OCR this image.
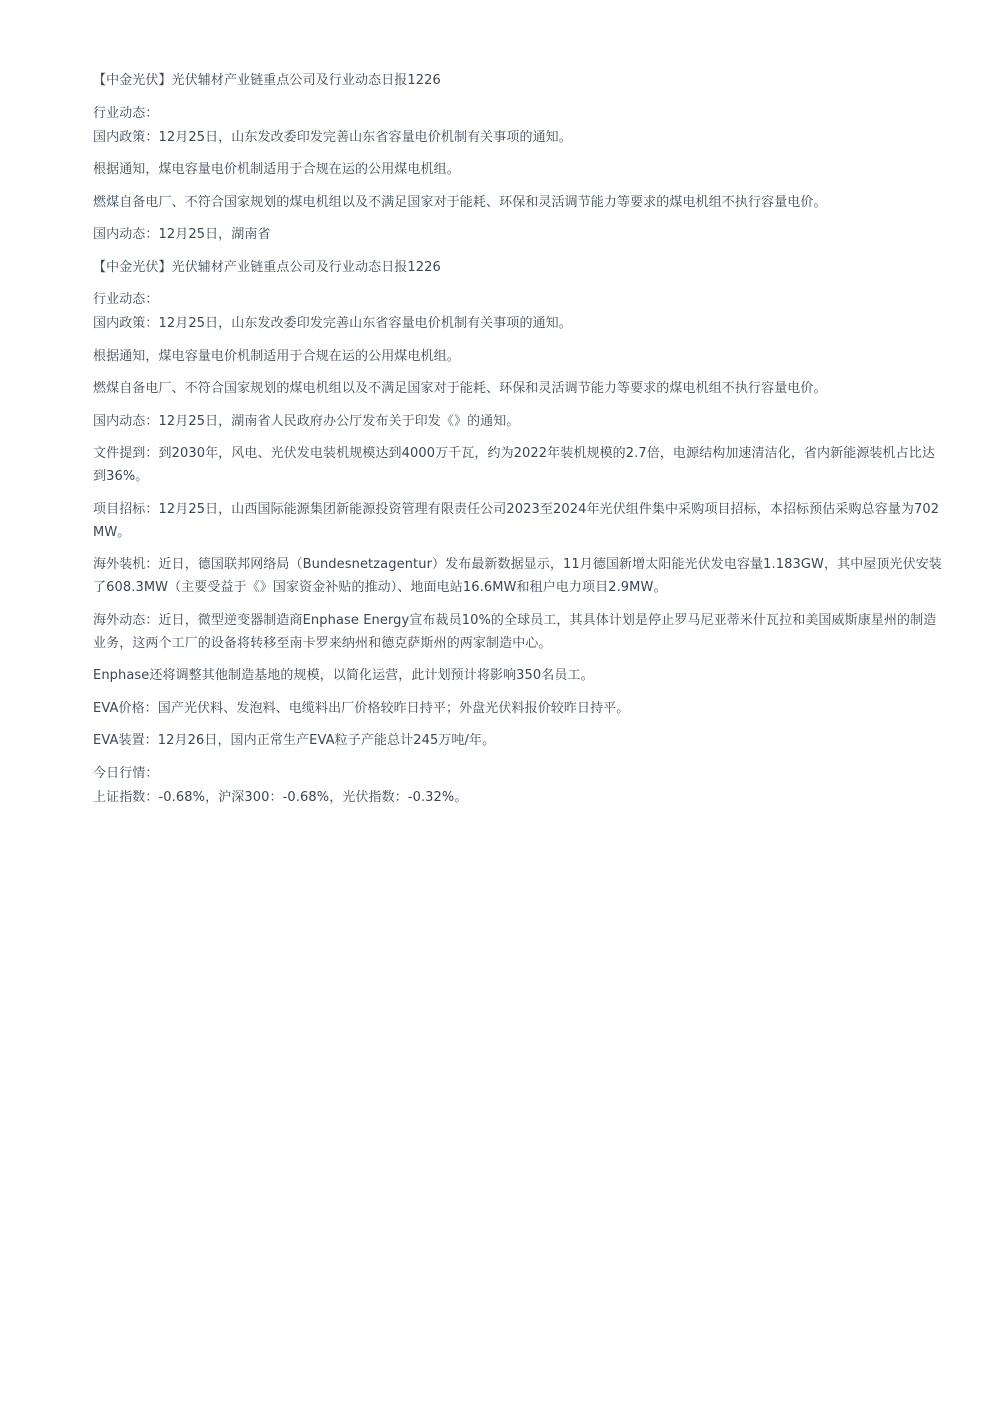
【中金光伏】光伏辅材产业链重点公司及行业动态日报1226

行业动态：

国内政策：12月25日，山东发改委印发完善山东省容量电价机制有关事项的通知。

根据通知，煤电容量电价机制适用于合规在运的公用煤电机组。

燃煤自备电厂、不符合国家规划的煤电机组以及不满足国家对于能耗、环保和灵活调节能力等要求的煤电机组不执行容量电价。

国内动态：12月25日，湖南省

【中金光伏】光伏辅材产业链重点公司及行业动态日报1226

行业动态：

国内政策：12月25日，山东发改委印发完善山东省容量电价机制有关事项的通知。

根据通知，煤电容量电价机制适用于合规在运的公用煤电机组。

燃煤自备电厂、不符合国家规划的煤电机组以及不满足国家对于能耗、环保和灵活调节能力等要求的煤电机组不执行容量电价。

国内动态：12月25日，湖南省人民政府办公厅发布关于印发《》的通知。

文件提到：到2030年，风电、光伏发电装机规模达到4000万千瓦，约为2022年装机规模的2.7倍，电源结构加速清洁化，省内新能源装机占比达到36%。

项目招标：12月25日，山西国际能源集团新能源投资管理有限责任公司2023至2024年光伏组件集中采购项目招标，本招标预估采购总容量为702MW。

海外装机：近日，德国联邦网络局（Bundesnetzagentur）发布最新数据显示，11月德国新增太阳能光伏发电容量1.183GW，其中屋顶光伏安装了608.3MW（主要受益于《》国家资金补贴的推动）、地面电站16.6MW和租户电力项目2.9MW。

海外动态：近日，微型逆变器制造商Enphase Energy宣布裁员10%的全球员工，其具体计划是停止罗马尼亚蒂米什瓦拉和美国威斯康星州的制造业务，这两个工厂的设备将转移至南卡罗来纳州和德克萨斯州的两家制造中心。

Enphase还将调整其他制造基地的规模，以简化运营，此计划预计将影响350名员工。

EVA价格：国产光伏料、发泡料、电缆料出厂价格较昨日持平；外盘光伏料报价较昨日持平。

EVA装置：12月26日，国内正常生产EVA粒子产能总计245万吨/年。

今日行情：

上证指数：-0.68%，沪深300：-0.68%，光伏指数：-0.32%。
